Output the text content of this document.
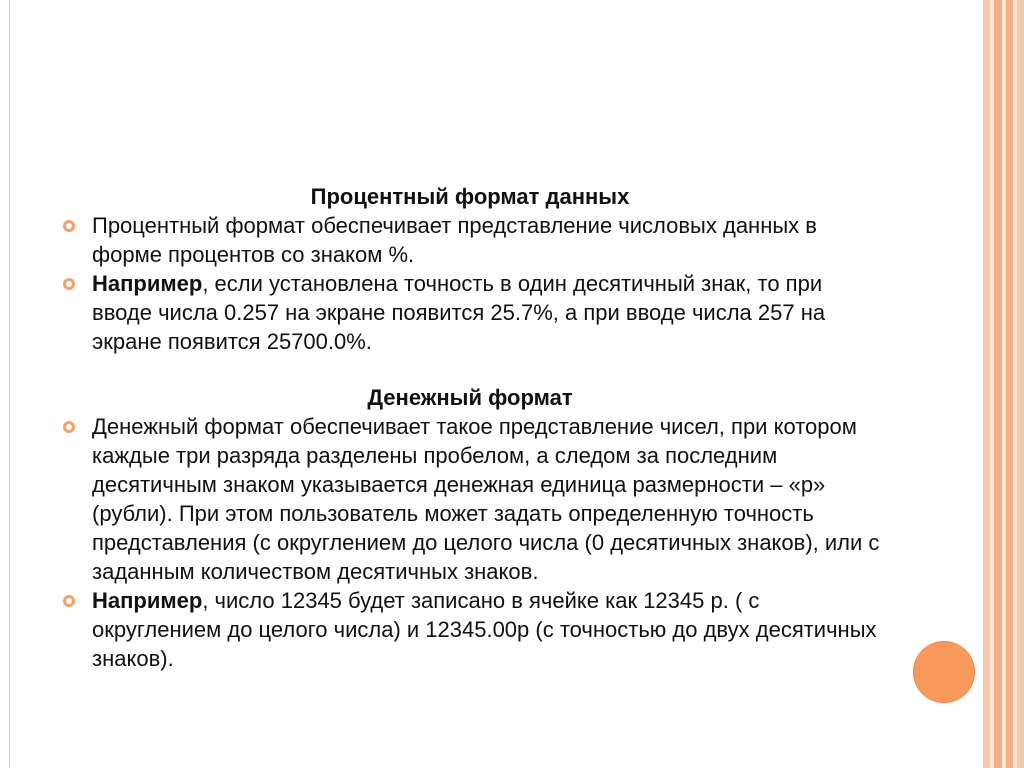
Процентный формат данных
Процентный формат обеспечивает представление числовых данных в форме процентов со знаком %.
Например, если установлена точность в один десятичный знак, то при вводе числа 0.257 на экране появится 25.7%, а при вводе числа 257 на экране появится 25700.0%.
Денежный формат
Денежный формат обеспечивает такое представление чисел, при котором каждые три разряда разделены пробелом, а следом за последним десятичным знаком указывается денежная единица размерности – «р» (рубли). При этом пользователь может задать определенную точность представления (с округлением до целого числа (0 десятичных знаков), или с заданным количеством десятичных знаков.
Например, число 12345 будет записано в ячейке как 12345 р. ( с округлением до целого числа) и 12345.00р (с точностью до двух десятичных знаков).
